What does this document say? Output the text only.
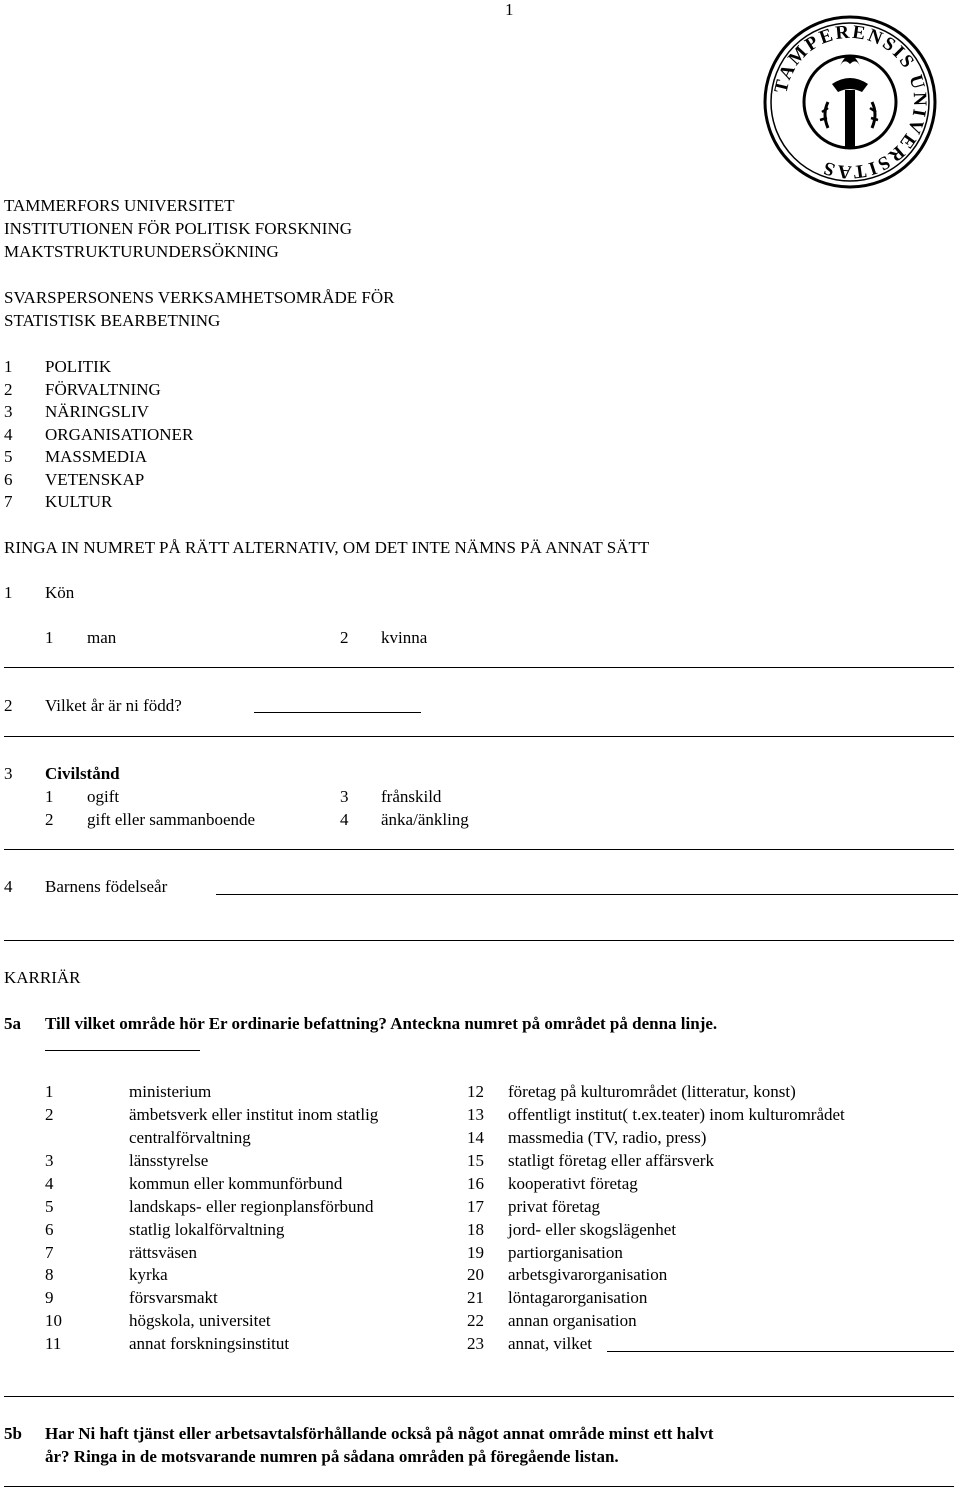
1
TAMPERENSIS UNIVERSITAS
TAMMERFORS UNIVERSITET
INSTITUTIONEN FÖR POLITISK FORSKNING
MAKTSTRUKTURUNDERSÖKNING
SVARSPERSONENS VERKSAMHETSOMRÅDE FÖR
STATISTISK BEARBETNING
1 POLITIK
2 FÖRVALTNING
3 NÄRINGSLIV
4 ORGANISATIONER
5 MASSMEDIA
6 VETENSKAP
7 KULTUR
RINGA IN NUMRET PÅ RÄTT ALTERNATIV, OM DET INTE NÄMNS PÄ ANNAT SÄTT
1 Kön
1 man	2 kvinna
2 Vilket år är ni född?
3 Civilstånd
1 ogift	3 frånskild
2 gift eller sammanboende	4 änka/änkling
4 Barnens födelseår
KARRIÄR
5a Till vilket område hör Er ordinarie befattning? Anteckna numret på området på denna linje.
1	ministerium
2	ämbetsverk eller institut inom statlig
centralförvaltning
3	länsstyrelse
4	kommun eller kommunförbund
5	landskaps- eller regionplansförbund
6	statlig lokalförvaltning
7	rättsväsen
8	kyrka
9	försvarsmakt
10	högskola, universitet
11	annat forskningsinstitut
12 företag på kulturområdet (litteratur, konst)
13 offentligt institut( t.ex.teater) inom kulturområdet
14 massmedia (TV, radio, press)
15 statligt företag eller affärsverk
16 kooperativt företag
17 privat företag
18 jord- eller skogslägenhet
19 partiorganisation
20 arbetsgivarorganisation
21 löntagarorganisation
22 annan organisation
23 annat, vilket
5b Har Ni haft tjänst eller arbetsavtalsförhållande också på något annat område minst ett halvt
år? Ringa in de motsvarande numren på sådana områden på föregående listan.
